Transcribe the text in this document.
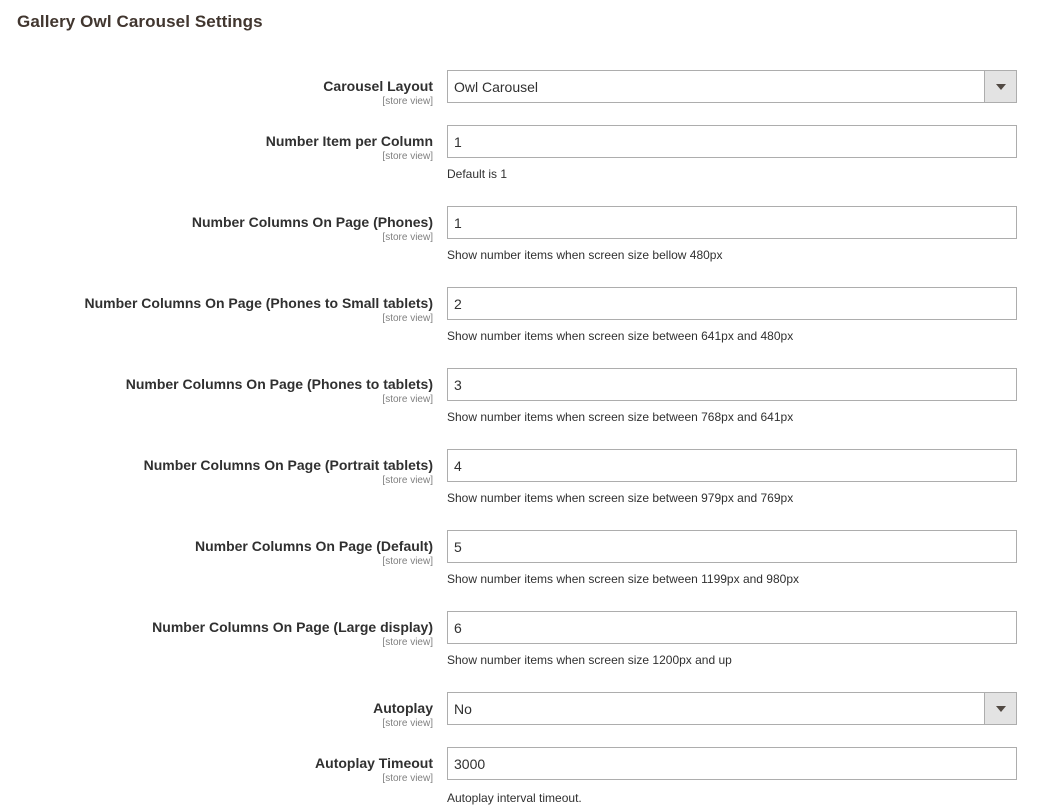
Gallery Owl Carousel Settings
Carousel Layout
[store view]
Owl Carousel
Number Item per Column
[store view]
1
Default is 1
Number Columns On Page (Phones)
[store view]
1
Show number items when screen size bellow 480px
Number Columns On Page (Phones to Small tablets)
[store view]
2
Show number items when screen size between 641px and 480px
Number Columns On Page (Phones to tablets)
[store view]
3
Show number items when screen size between 768px and 641px
Number Columns On Page (Portrait tablets)
[store view]
4
Show number items when screen size between 979px and 769px
Number Columns On Page (Default)
[store view]
5
Show number items when screen size between 1199px and 980px
Number Columns On Page (Large display)
[store view]
6
Show number items when screen size 1200px and up
Autoplay
[store view]
No
Autoplay Timeout
[store view]
3000
Autoplay interval timeout.
